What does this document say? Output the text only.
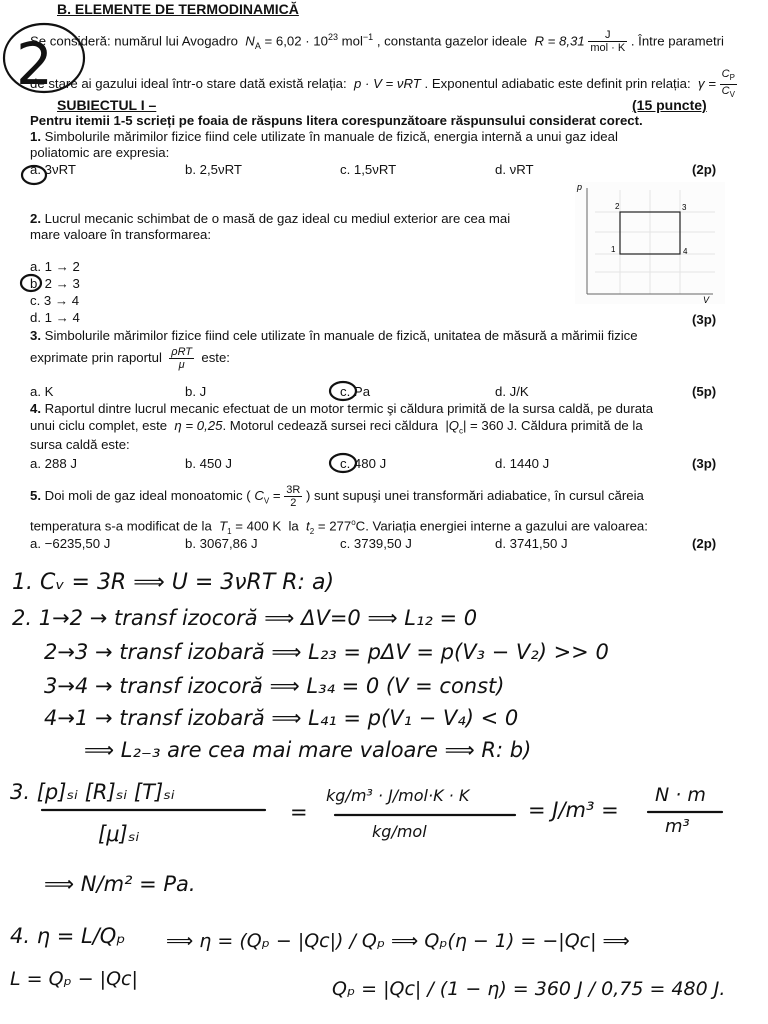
B. ELEMENTE DE TERMODINAMICĂ
Se consideră: numărul lui Avogadro $N_A = 6,02 \cdot 10^{23}$ mol$^{-1}$ , constanta gazelor ideale $R = 8,31 \frac{J}{\text{mol · K}}$ . Între parametri
de stare ai gazului ideal într-o stare dată există relația: p · V = νRT . Exponentul adiabatic este definit prin relația: $\gamma = \frac{C_P}{C_V}$
SUBIECTUL I –	(15 puncte)
Pentru itemii 1-5 scrieți pe foaia de răspuns litera corespunzătoare răspunsului considerat corect.
1. Simbolurile mărimilor fizice fiind cele utilizate în manuale de fizică, energia internă a unui gaz ideal
poliatomic are expresia:
a. 3νRT	b. 2,5νRT	c. 1,5νRT	d. νRT	(2p)
2. Lucrul mecanic schimbat de o masă de gaz ideal cu mediul exterior are cea mai
mare valoare în transformarea:
a. 1 → 2
b. 2 → 3
c. 3 → 4
d. 1 → 4	(3p)
p
V
1
2	3
4
3. Simbolurile mărimilor fizice fiind cele utilizate în manuale de fizică, unitatea de măsură a mărimii fizice
exprimate prin raportul $\frac{\text{ρRT}}{\mu}$ este:
a. K	b. J	c. Pa	d. J/K	(5p)
4. Raportul dintre lucrul mecanic efectuat de un motor termic şi căldura primită de la sursa caldă, pe durata
unui ciclu complet, este η = 0,25. Motorul cedează sursei reci căldura $|Q_c| = 360$ J. Căldura primită de la
sursa caldă este:
a. 288 J	b. 450 J	c. 480 J	d. 1440 J	(3p)
5. Doi moli de gaz ideal monoatomic ( $C_V = \frac{3R}{2}$ ) sunt supuşi unei transformări adiabatice, în cursul căreia
temperatura s-a modificat de la $T_1 = 400$ K la $t_2 = 277^oC$. Variația energiei interne a gazului are valoarea:
a. −6235,50 J	b. 3067,86 J	c. 3739,50 J	d. 3741,50 J	(2p)
2
1. Cᵥ = 3R ⟹ U = 3νRT R: a)
2. 1→2 → transf izocoră ⟹ ΔV=0 ⟹ L₁₂ = 0
2→3 → transf izobară ⟹ L₂₃ = pΔV = p(V₃ − V₂) >> 0
3→4 → transf izocoră ⟹ L₃₄ = 0 (V = const)
4→1 → transf izobară ⟹ L₄₁ = p(V₁ − V₄) < 0
⟹ L₂₋₃ are cea mai mare valoare ⟹ R: b)
3. [p]ₛᵢ [R]ₛᵢ [T]ₛᵢ
[μ]ₛᵢ
=
kg/m³ · J/mol·K · K
kg/mol
= J/m³ =
N · m
m³
⟹ N/m² = Pa.
4. η = L/Qₚ ⟹ η = (Qₚ − |Qc|) / Qₚ ⟹ Qₚ(η − 1) = −|Qc| ⟹
L = Qₚ − |Qc|	Qₚ = |Qc| / (1 − η) = 360 J / 0,75 = 480 J.
